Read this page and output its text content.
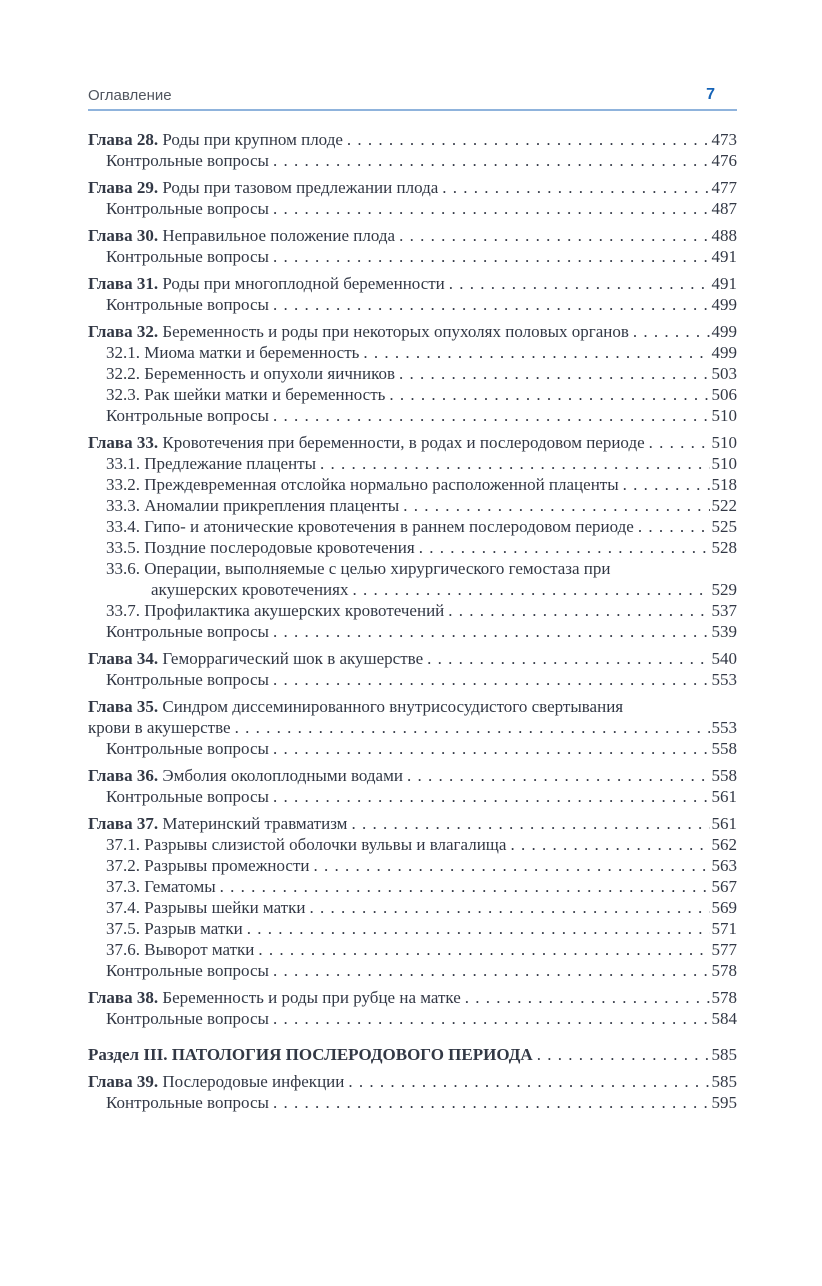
Оглавление	7
Глава 28. Роды при крупном плоде . . .	473
Контрольные вопросы . . .	476
Глава 29. Роды при тазовом предлежании плода . . .	477
Контрольные вопросы . . .	487
Глава 30. Неправильное положение плода . . .	488
Контрольные вопросы . . .	491
Глава 31. Роды при многоплодной беременности . . .	491
Контрольные вопросы . . .	499
Глава 32. Беременность и роды при некоторых опухолях половых органов . . .	499
32.1. Миома матки и беременность . . .	499
32.2. Беременность и опухоли яичников . . .	503
32.3. Рак шейки матки и беременность . . .	506
Контрольные вопросы . . .	510
Глава 33. Кровотечения при беременности, в родах и послеродовом периоде . . .	510
33.1. Предлежание плаценты . . .	510
33.2. Преждевременная отслойка нормально расположенной плаценты . . .	518
33.3. Аномалии прикрепления плаценты . . .	522
33.4. Гипо- и атонические кровотечения в раннем послеродовом периоде . . .	525
33.5. Поздние послеродовые кровотечения . . .	528
33.6. Операции, выполняемые с целью хирургического гемостаза при
акушерских кровотечениях . . .	529
33.7. Профилактика акушерских кровотечений . . .	537
Контрольные вопросы . . .	539
Глава 34. Геморрагический шок в акушерстве . . .	540
Контрольные вопросы . . .	553
Глава 35. Синдром диссеминированного внутрисосудистого свертывания
крови в акушерстве . . .	553
Контрольные вопросы . . .	558
Глава 36. Эмболия околоплодными водами . . .	558
Контрольные вопросы . . .	561
Глава 37. Материнский травматизм . . .	561
37.1. Разрывы слизистой оболочки вульвы и влагалища . . .	562
37.2. Разрывы промежности . . .	563
37.3. Гематомы . . .	567
37.4. Разрывы шейки матки . . .	569
37.5. Разрыв матки . . .	571
37.6. Выворот матки . . .	577
Контрольные вопросы . . .	578
Глава 38. Беременность и роды при рубце на матке . . .	578
Контрольные вопросы . . .	584
Раздел III. ПАТОЛОГИЯ ПОСЛЕРОДОВОГО ПЕРИОДА . . .	585
Глава 39. Послеродовые инфекции . . .	585
Контрольные вопросы . . .	595
